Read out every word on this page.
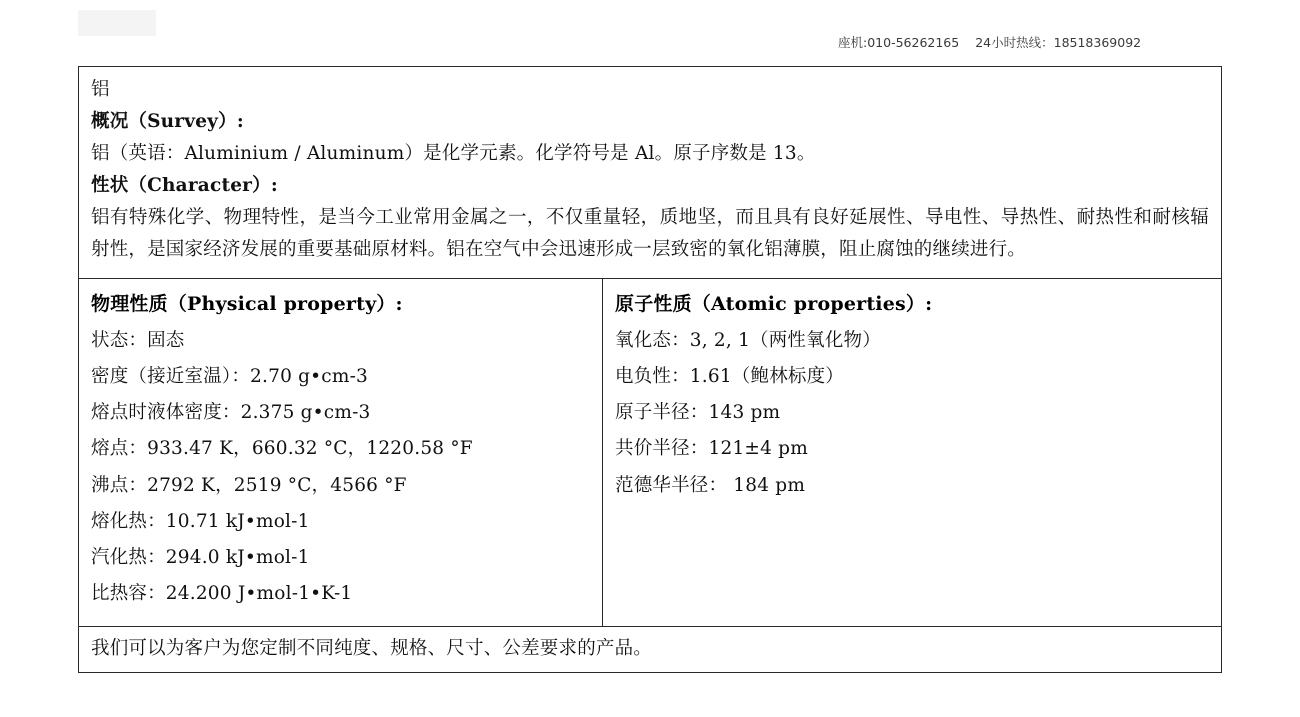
座机:010-56262165 24小时热线：18518369092
铝
概况（Survey）:
铝（英语：Aluminium / Aluminum）是化学元素。化学符号是 Al。原子序数是 13。
性状（Character）:
铝有特殊化学、物理特性，是当今工业常用金属之一，不仅重量轻，质地坚，而且具有良好延展性、导电性、导热性、耐热性和耐核辐射性，是国家经济发展的重要基础原材料。铝在空气中会迅速形成一层致密的氧化铝薄膜，阻止腐蚀的继续进行。
物理性质（Physical property）:
状态：固态
密度（接近室温）：2.70 g•cm-3
熔点时液体密度：2.375 g•cm-3
熔点：933.47 K，660.32 °C，1220.58 °F
沸点：2792 K，2519 °C，4566 °F
熔化热：10.71 kJ•mol-1
汽化热：294.0 kJ•mol-1
比热容：24.200 J•mol-1•K-1
原子性质（Atomic properties）:
氧化态：3, 2, 1（两性氧化物）
电负性：1.61（鲍林标度）
原子半径：143 pm
共价半径：121±4 pm
范德华半径： 184 pm
我们可以为客户为您定制不同纯度、规格、尺寸、公差要求的产品。
